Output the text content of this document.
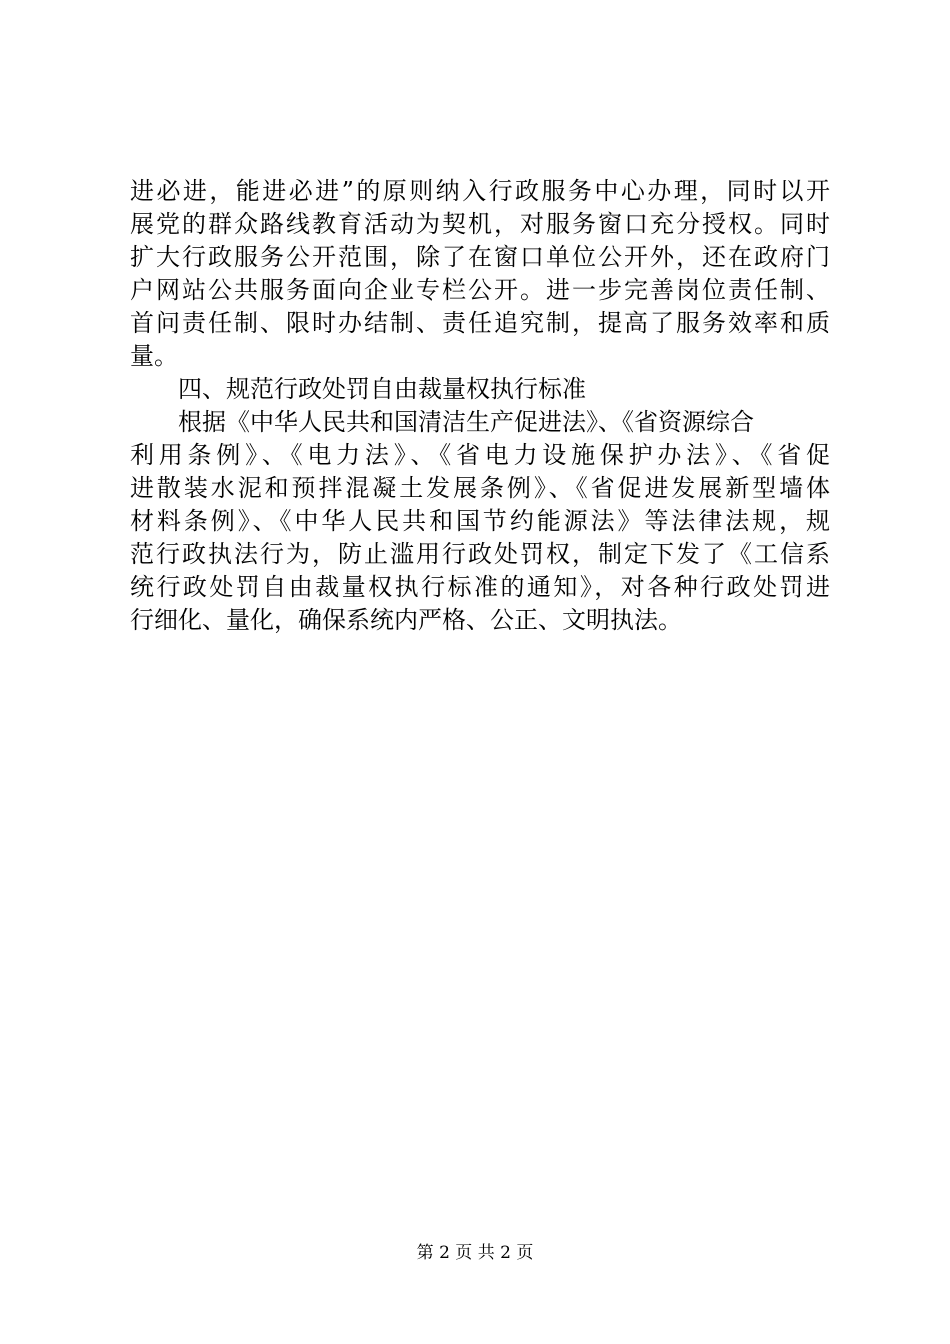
进必进，能进必进”的原则纳入行政服务中心办理，同时以开
展党的群众路线教育活动为契机，对服务窗口充分授权。同时
扩大行政服务公开范围，除了在窗口单位公开外，还在政府门
户网站公共服务面向企业专栏公开。进一步完善岗位责任制、
首问责任制、限时办结制、责任追究制，提高了服务效率和质
量。
四、规范行政处罚自由裁量权执行标准
根据《中华人民共和国清洁生产促进法》、《省资源综合
利用条例》、《电力法》、《省电力设施保护办法》、《省促
进散装水泥和预拌混凝土发展条例》、《省促进发展新型墙体
材料条例》、《中华人民共和国节约能源法》等法律法规，规
范行政执法行为，防止滥用行政处罚权，制定下发了《工信系
统行政处罚自由裁量权执行标准的通知》，对各种行政处罚进
行细化、量化，确保系统内严格、公正、文明执法。
第 2 页 共 2 页
